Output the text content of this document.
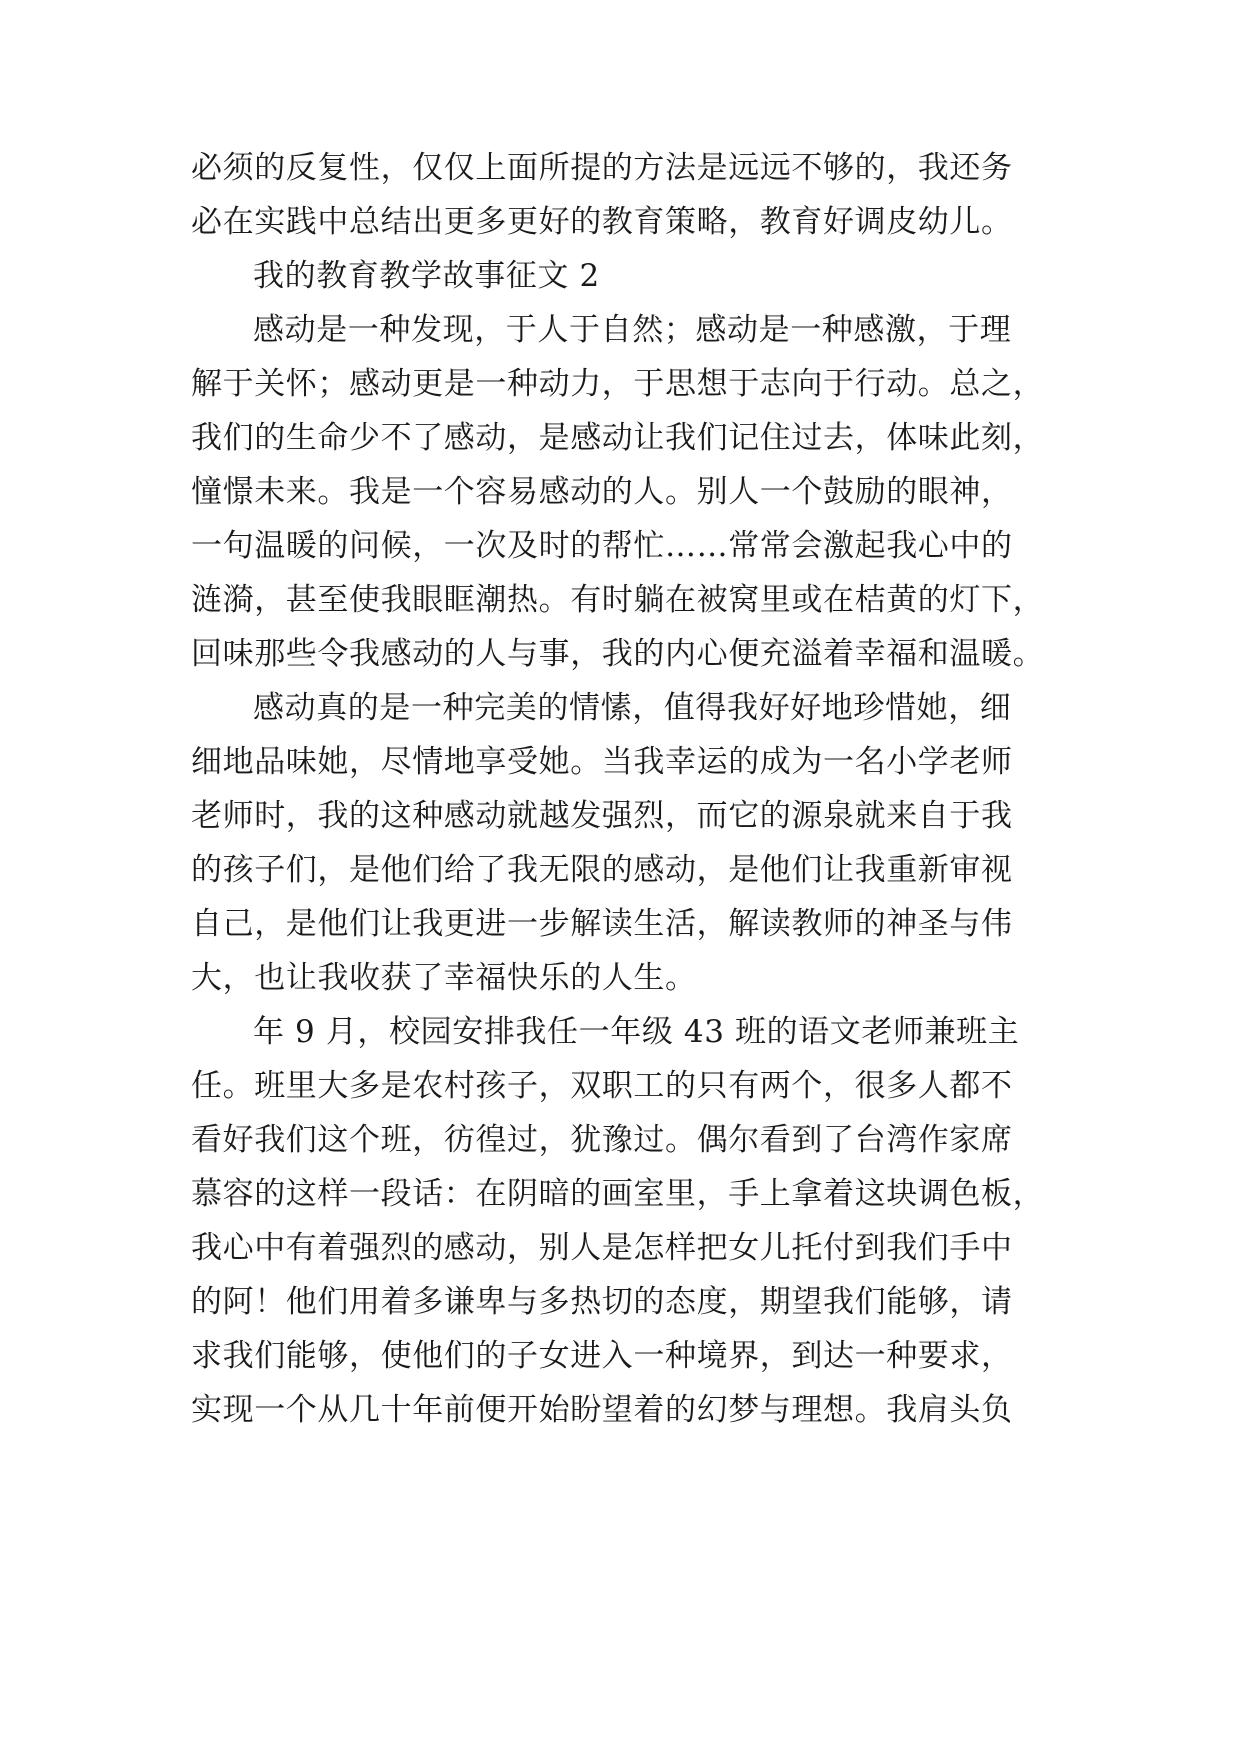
必须的反复性，仅仅上面所提的方法是远远不够的，我还务
必在实践中总结出更多更好的教育策略，教育好调皮幼儿。
我的教育教学故事征文 2
感动是一种发现，于人于自然；感动是一种感激，于理
解于关怀；感动更是一种动力，于思想于志向于行动。总之，
我们的生命少不了感动，是感动让我们记住过去，体味此刻，
憧憬未来。我是一个容易感动的人。别人一个鼓励的眼神，
一句温暖的问候，一次及时的帮忙……常常会激起我心中的
涟漪，甚至使我眼眶潮热。有时躺在被窝里或在桔黄的灯下，
回味那些令我感动的人与事，我的内心便充溢着幸福和温暖。
感动真的是一种完美的情愫，值得我好好地珍惜她，细
细地品味她，尽情地享受她。当我幸运的成为一名小学老师
老师时，我的这种感动就越发强烈，而它的源泉就来自于我
的孩子们，是他们给了我无限的感动，是他们让我重新审视
自己，是他们让我更进一步解读生活，解读教师的神圣与伟
大，也让我收获了幸福快乐的人生。
年 9 月，校园安排我任一年级 43 班的语文老师兼班主
任。班里大多是农村孩子，双职工的只有两个，很多人都不
看好我们这个班，彷徨过，犹豫过。偶尔看到了台湾作家席
慕容的这样一段话：在阴暗的画室里，手上拿着这块调色板，
我心中有着强烈的感动，别人是怎样把女儿托付到我们手中
的阿！他们用着多谦卑与多热切的态度，期望我们能够，请
求我们能够，使他们的子女进入一种境界，到达一种要求，
实现一个从几十年前便开始盼望着的幻梦与理想。我肩头负
